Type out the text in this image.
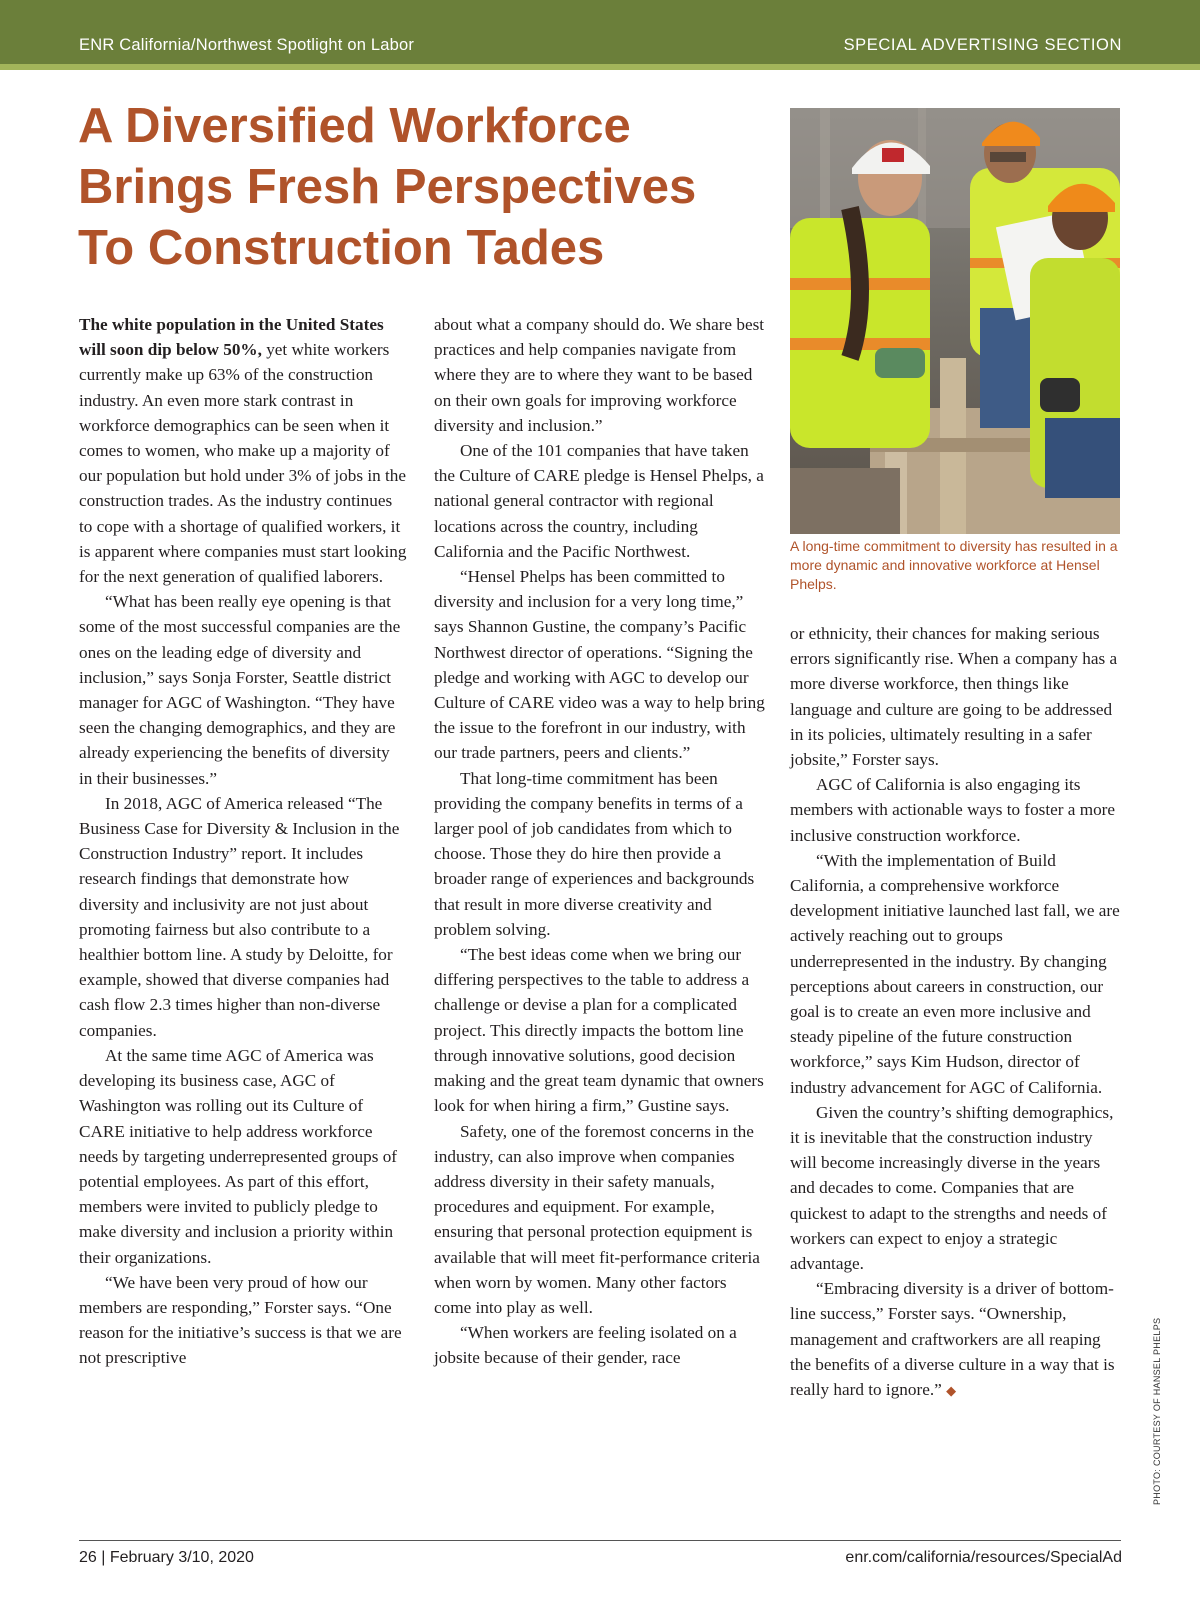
ENR California/Northwest Spotlight on Labor	SPECIAL ADVERTISING SECTION
A Diversified Workforce
Brings Fresh Perspectives
To Construction Tades

A long-time commitment to diversity has resulted in a more dynamic and innovative workforce at Hensel Phelps.

The white population in the United States will soon dip below 50%, yet white workers currently make up 63% of the construction industry. An even more stark contrast in workforce demographics can be seen when it comes to women, who make up a majority of our population but hold under 3% of jobs in the construction trades. As the industry continues to cope with a shortage of qualified workers, it is apparent where companies must start looking for the next generation of qualified laborers.

“What has been really eye opening is that some of the most successful companies are the ones on the leading edge of diversity and inclusion,” says Sonja Forster, Seattle district manager for AGC of Washington. “They have seen the changing demographics, and they are already experiencing the benefits of diversity in their businesses.”

In 2018, AGC of America released “The Business Case for Diversity & Inclusion in the Construction Industry” report. It includes research findings that demonstrate how diversity and inclusivity are not just about promoting fairness but also contribute to a healthier bottom line. A study by Deloitte, for example, showed that diverse companies had cash flow 2.3 times higher than non-diverse companies.

At the same time AGC of America was developing its business case, AGC of Washington was rolling out its Culture of CARE initiative to help address workforce needs by targeting underrepresented groups of potential employees. As part of this effort, members were invited to publicly pledge to make diversity and inclusion a priority within their organizations.

“We have been very proud of how our members are responding,” Forster says. “One reason for the initiative’s success is that we are not prescriptive

about what a company should do. We share best practices and help companies navigate from where they are to where they want to be based on their own goals for improving workforce diversity and inclusion.”

One of the 101 companies that have taken the Culture of CARE pledge is Hensel Phelps, a national general contractor with regional locations across the country, including California and the Pacific Northwest.

“Hensel Phelps has been committed to diversity and inclusion for a very long time,” says Shannon Gustine, the company’s Pacific Northwest director of operations. “Signing the pledge and working with AGC to develop our Culture of CARE video was a way to help bring the issue to the forefront in our industry, with our trade partners, peers and clients.”

That long-time commitment has been providing the company benefits in terms of a larger pool of job candidates from which to choose. Those they do hire then provide a broader range of experiences and backgrounds that result in more diverse creativity and problem solving.

“The best ideas come when we bring our differing perspectives to the table to address a challenge or devise a plan for a complicated project. This directly impacts the bottom line through innovative solutions, good decision making and the great team dynamic that owners look for when hiring a firm,” Gustine says.

Safety, one of the foremost concerns in the industry, can also improve when companies address diversity in their safety manuals, procedures and equipment. For example, ensuring that personal protection equipment is available that will meet fit-performance criteria when worn by women. Many other factors come into play as well.

“When workers are feeling isolated on a jobsite because of their gender, race

or ethnicity, their chances for making serious errors significantly rise. When a company has a more diverse workforce, then things like language and culture are going to be addressed in its policies, ultimately resulting in a safer jobsite,” Forster says.

AGC of California is also engaging its members with actionable ways to foster a more inclusive construction workforce.

“With the implementation of Build California, a comprehensive workforce development initiative launched last fall, we are actively reaching out to groups underrepresented in the industry. By changing perceptions about careers in construction, our goal is to create an even more inclusive and steady pipeline of the future construction workforce,” says Kim Hudson, director of industry advancement for AGC of California.

Given the country’s shifting demographics, it is inevitable that the construction industry will become increasingly diverse in the years and decades to come. Companies that are quickest to adapt to the strengths and needs of workers can expect to enjoy a strategic advantage.

“Embracing diversity is a driver of bottom-line success,” Forster says. “Ownership, management and craftworkers are all reaping the benefits of a diverse culture in a way that is really hard to ignore.” ◆	PHOTO: COURTESY OF HANSEL PHELPS
26 | February 3/10, 2020	enr.com/california/resources/SpecialAd
